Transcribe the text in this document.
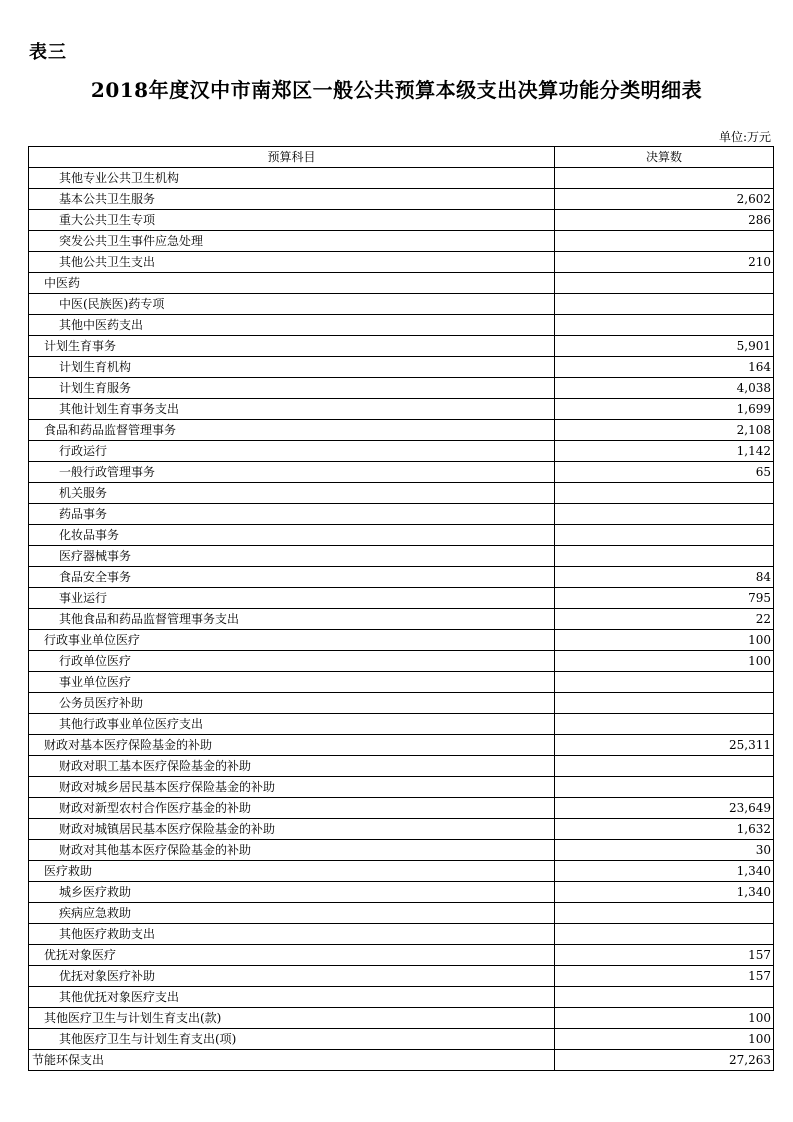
表三
2018年度汉中市南郑区一般公共预算本级支出决算功能分类明细表
单位:万元
预算科目	决算数
其他专业公共卫生机构	
基本公共卫生服务	2,602
重大公共卫生专项	286
突发公共卫生事件应急处理	
其他公共卫生支出	210
中医药	
中医(民族医)药专项	
其他中医药支出	
计划生育事务	5,901
计划生育机构	164
计划生育服务	4,038
其他计划生育事务支出	1,699
食品和药品监督管理事务	2,108
行政运行	1,142
一般行政管理事务	65
机关服务	
药品事务	
化妆品事务	
医疗器械事务	
食品安全事务	84
事业运行	795
其他食品和药品监督管理事务支出	22
行政事业单位医疗	100
行政单位医疗	100
事业单位医疗	
公务员医疗补助	
其他行政事业单位医疗支出	
财政对基本医疗保险基金的补助	25,311
财政对职工基本医疗保险基金的补助	
财政对城乡居民基本医疗保险基金的补助	
财政对新型农村合作医疗基金的补助	23,649
财政对城镇居民基本医疗保险基金的补助	1,632
财政对其他基本医疗保险基金的补助	30
医疗救助	1,340
城乡医疗救助	1,340
疾病应急救助	
其他医疗救助支出	
优抚对象医疗	157
优抚对象医疗补助	157
其他优抚对象医疗支出	
其他医疗卫生与计划生育支出(款)	100
其他医疗卫生与计划生育支出(项)	100
节能环保支出	27,263
